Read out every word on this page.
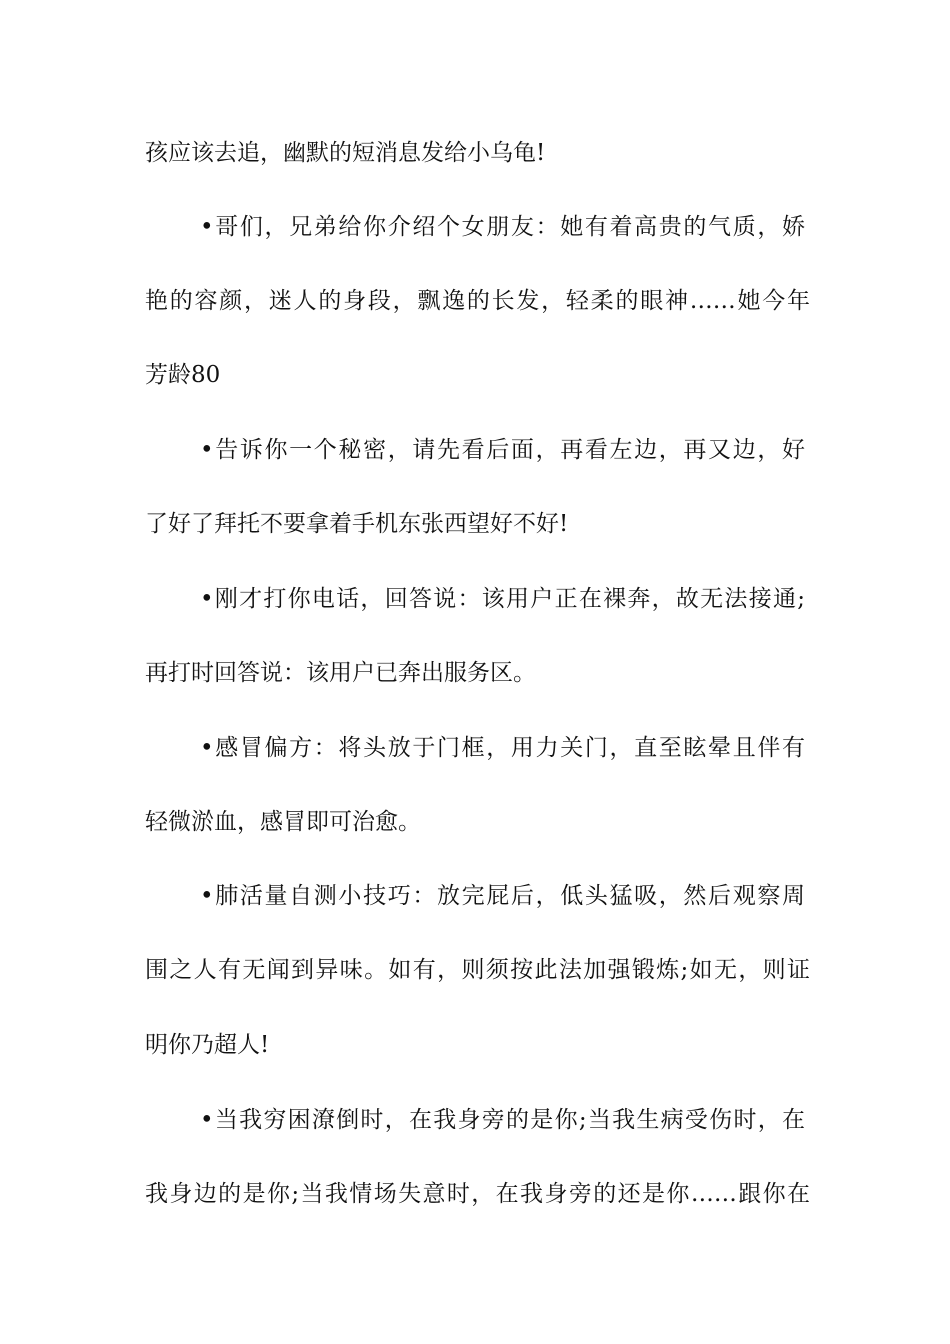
孩应该去追，幽默的短消息发给小乌龟!
•哥们，兄弟给你介绍个女朋友：她有着高贵的气质，娇
艳的容颜，迷人的身段，飘逸的长发，轻柔的眼神……她今年
芳龄80
•告诉你一个秘密，请先看后面，再看左边，再又边，好
了好了拜托不要拿着手机东张西望好不好!
•刚才打你电话，回答说：该用户正在裸奔，故无法接通;
再打时回答说：该用户已奔出服务区。
•感冒偏方：将头放于门框，用力关门，直至眩晕且伴有
轻微淤血，感冒即可治愈。
•肺活量自测小技巧：放完屁后，低头猛吸，然后观察周
围之人有无闻到异味。如有，则须按此法加强锻炼;如无，则证
明你乃超人!
•当我穷困潦倒时，在我身旁的是你;当我生病受伤时，在
我身边的是你;当我情场失意时，在我身旁的还是你……跟你在
